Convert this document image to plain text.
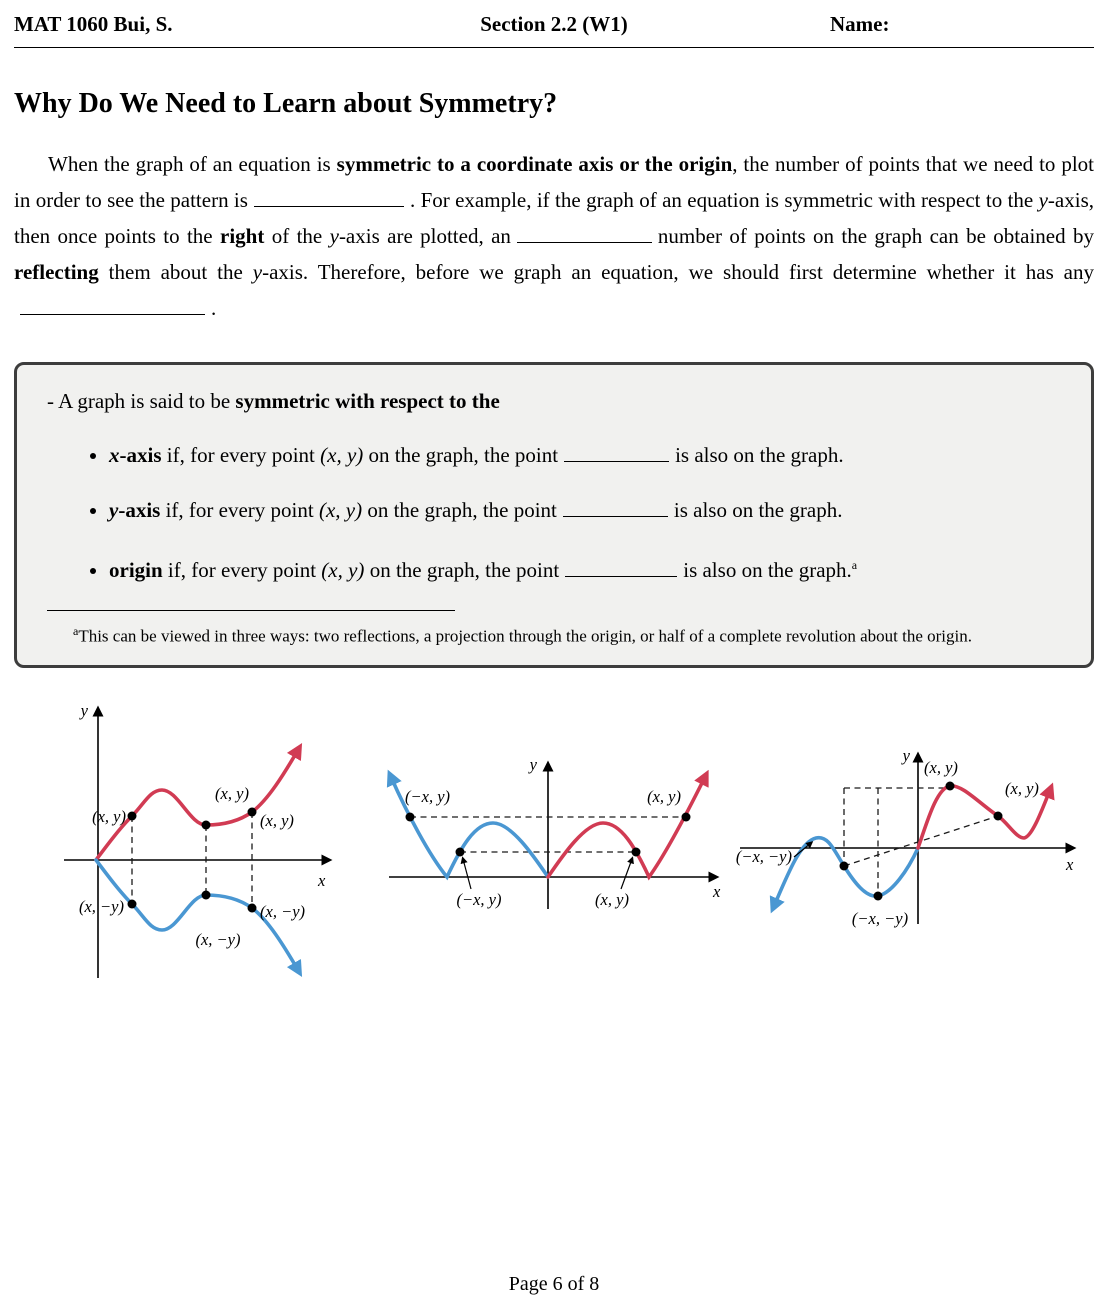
MAT 1060 Bui, S.	Section 2.2 (W1)	Name:
Why Do We Need to Learn about Symmetry?

When the graph of an equation is symmetric to a coordinate axis or the origin, the number of points that we need to plot in order to see the pattern is	. For example, if the graph of an equation is symmetric with respect to the y-axis, then once points to the right of the y-axis are plotted, an	number of points on the graph can be obtained by reflecting them about the y-axis. Therefore, before we graph an equation, we should first determine whether it has any.

- A graph is said to be symmetric with respect to the
• x-axis if, for every point (x, y) on the graph, the point	is also on the graph.
• y-axis if, for every point (x, y) on the graph, the point	is also on the graph.
• origin if, for every point (x, y) on the graph, the point	is also on the graph.$^a$

$^a$This can be viewed in three ways: two reflections, a projection through the origin, or half of a complete revolution about the origin.

y
x
(x, y)
(x, y)
(x, y)
(x, −y)
(x, −y)
(x, −y)
y
x
(−x, y)	(x, y)
(−x, y)	(x, y)
y
x
(x, y)
(x, y)
(−x, −y)
(−x, −y)
Page 6 of 8
